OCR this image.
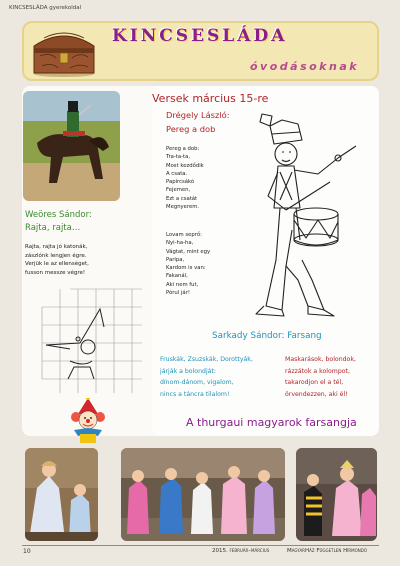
KINCSESLÁDA gyerekoldal
KINCSESLÁDA
óvodásoknak
Weöres Sándor:
Rajta, rajta…
Rajta, rajta jó katonák,
zászlónk lengjen égre.
Verjük le az ellenséget,
fusson messze végre!
Versek március 15-re
Drégely László:
Pereg a dob
Pereg a dob:
Tra-ta-ta,
Most kezdődik
A csata.
Papírcsákó
Fejemen,
Ezt a csatát
Megnyerem.
Lovam seprő:
Nyi-ha-ha,
Vágtat, mint egy
Paripa,
Kardom is van:
Fakanál,
Aki nem fut,
Pórul jár!
Sarkady Sándor: Farsang
Fruskák, Zsuzskák, Dorottyák,
járják a bolondját:
dínom-dánom, vigalom,
nincs a táncra tilalom!
Maskarások, bolondok,
rázzátok a kolompot,
takarodjon el a tél,
örvendezzen, aki él!
A thurgaui magyarok farsangja
10	2015. február–március	MagyarHáz Független Hírmondó
